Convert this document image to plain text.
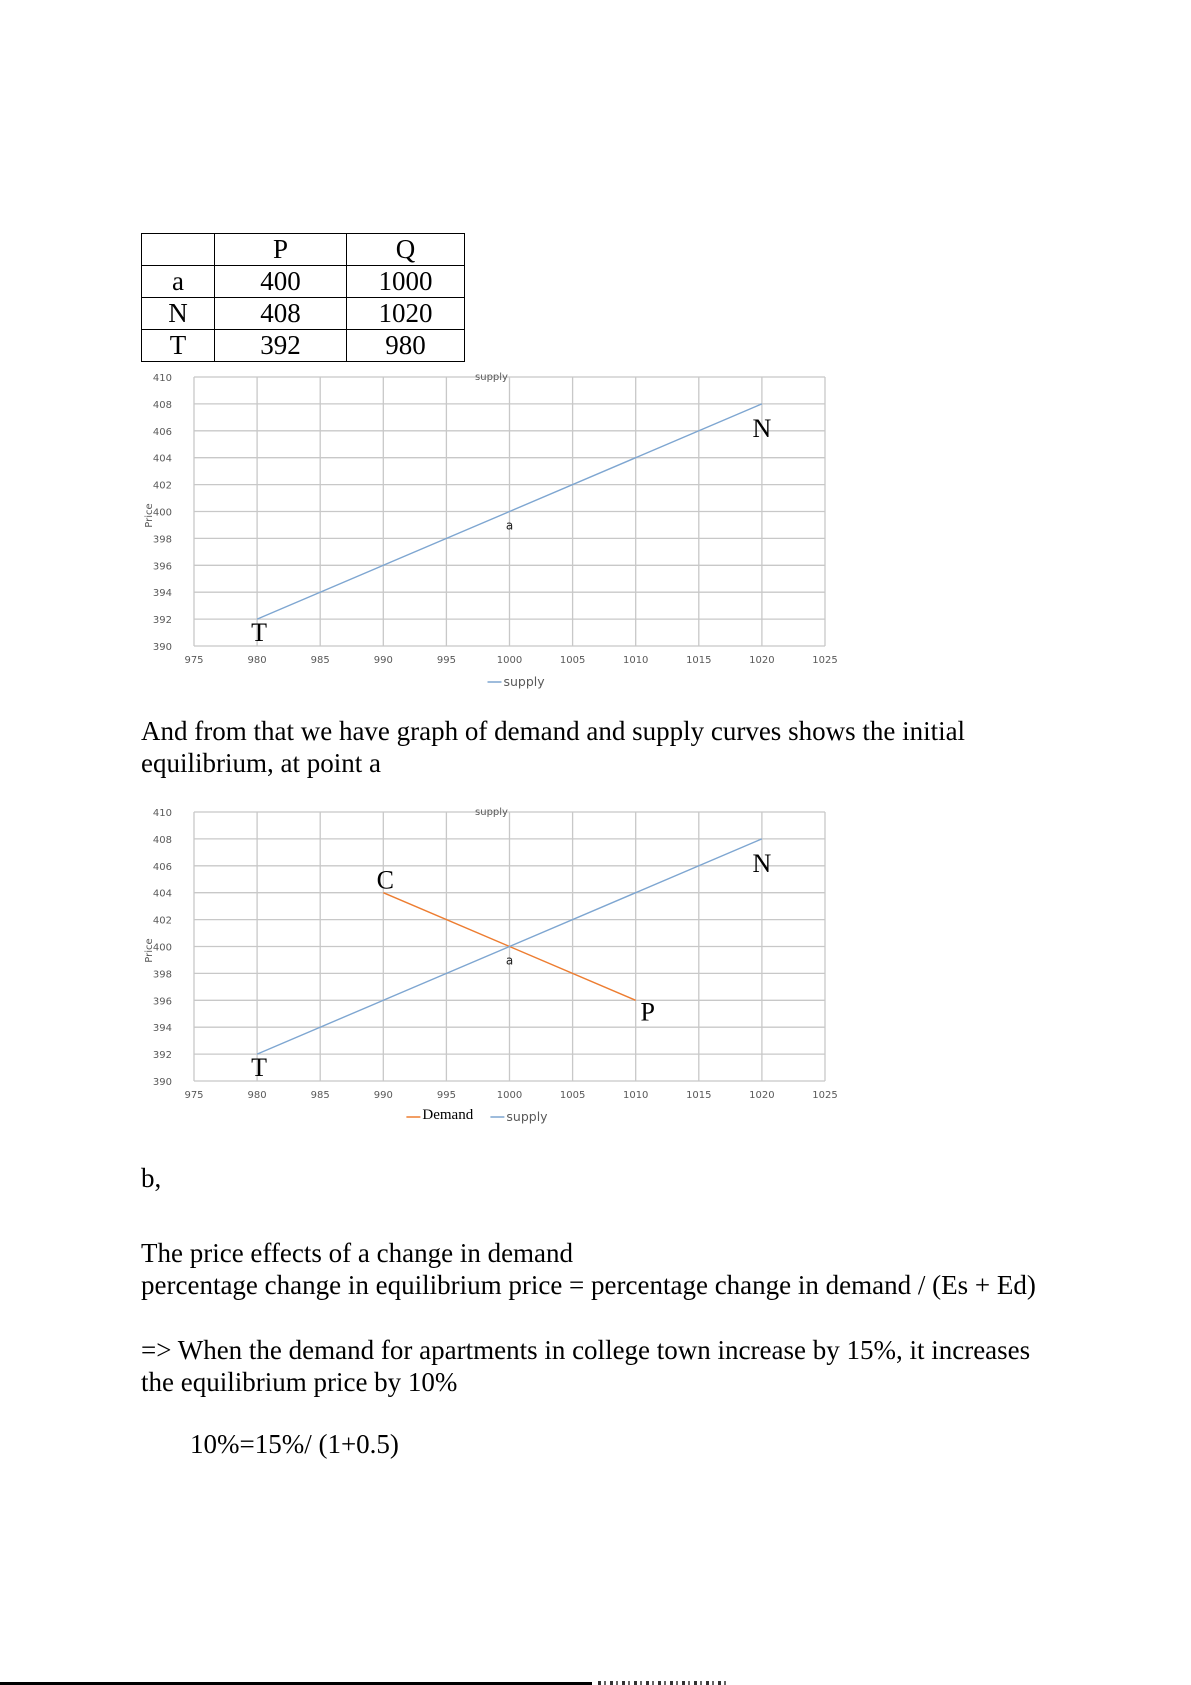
	P	Q
a	400	1000
N	408	1020
T	392	980
975	980	985	990	995	1000	1005	1010	1015	1020	1025
390
392
394
396
398
400
402
404
406
408
410
Price
supply
T
a
N
supply

And from that we have graph of demand and supply curves shows the initial
equilibrium, at point a

975	980	985	990	995	1000	1005	1010	1015	1020	1025
390
392
394
396
398
400
402
404
406
408
410
Price
supply
C
P
T
a
N
Demand	supply

b,

The price effects of a change in demand
percentage change in equilibrium price = percentage change in demand / (Es + Ed)

=> When the demand for apartments in college town increase by 15%, it increases
the equilibrium price by 10%

10%=15%/ (1+0.5)
